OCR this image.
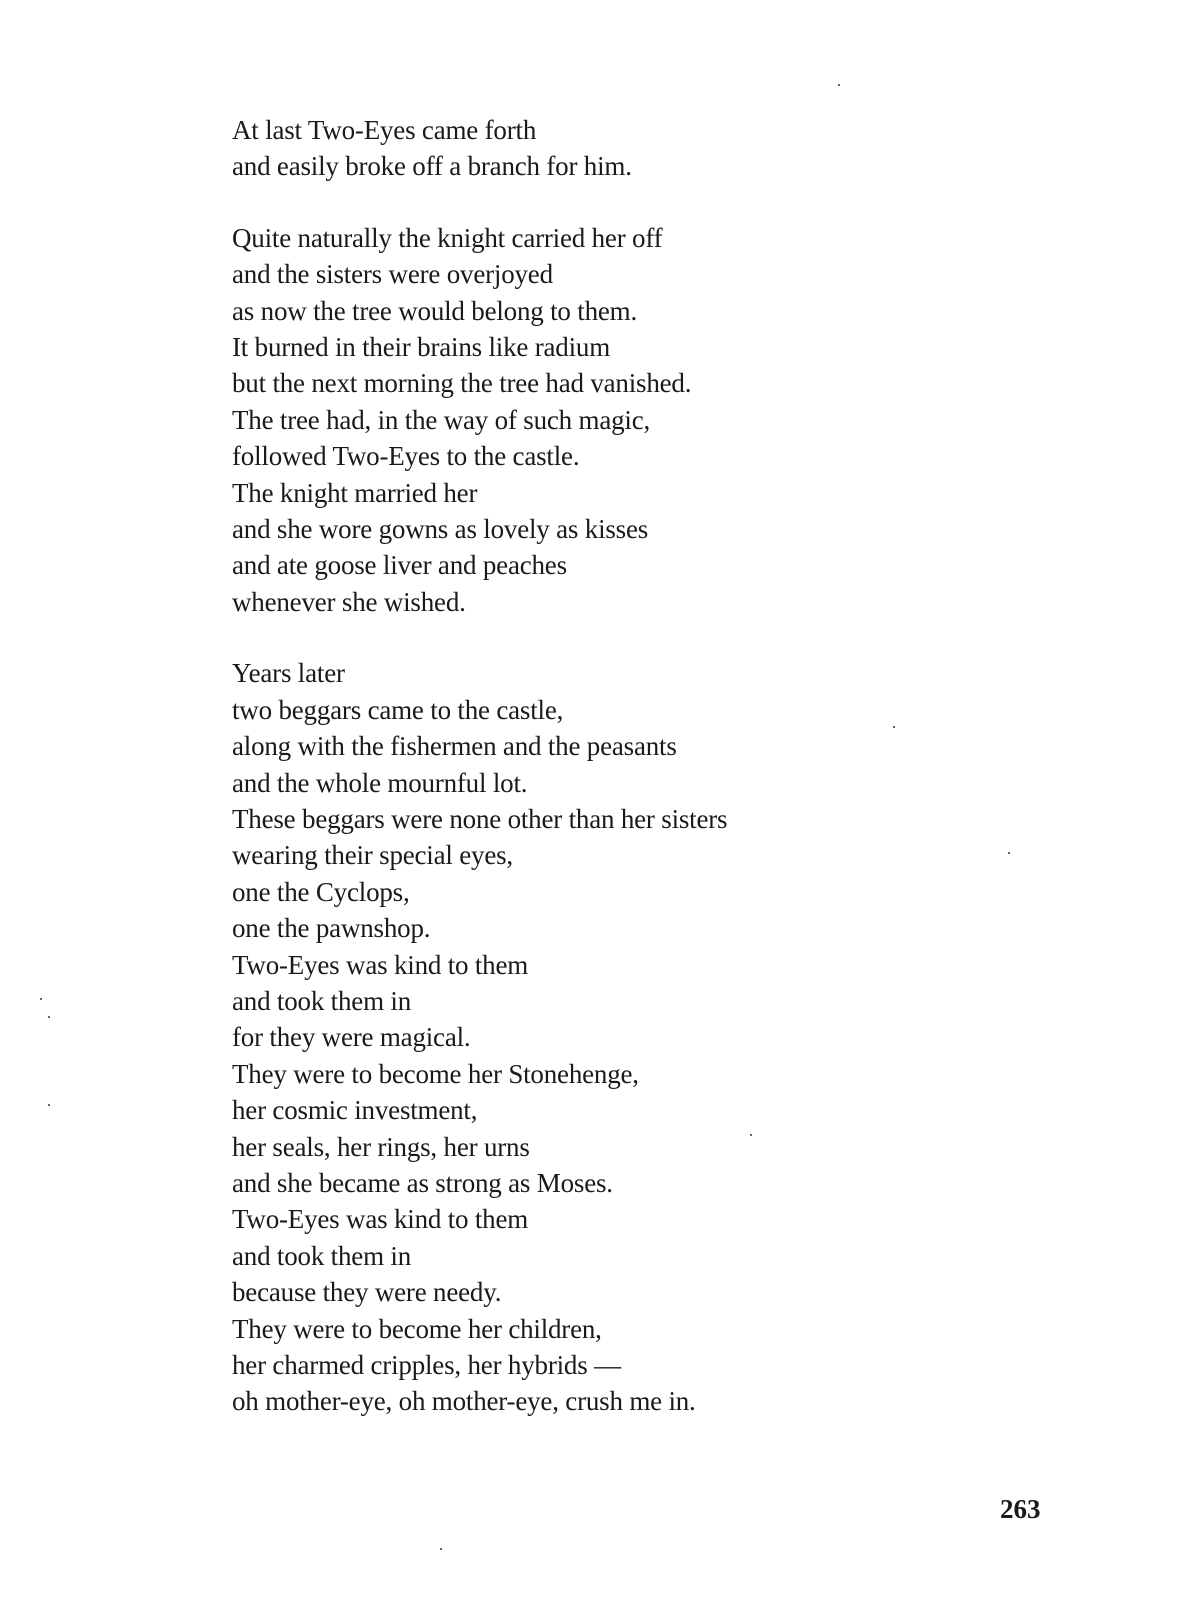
At last Two-Eyes came forth
and easily broke off a branch for him.
Quite naturally the knight carried her off
and the sisters were overjoyed
as now the tree would belong to them.
It burned in their brains like radium
but the next morning the tree had vanished.
The tree had, in the way of such magic,
followed Two-Eyes to the castle.
The knight married her
and she wore gowns as lovely as kisses
and ate goose liver and peaches
whenever she wished.
Years later
two beggars came to the castle,
along with the fishermen and the peasants
and the whole mournful lot.
These beggars were none other than her sisters
wearing their special eyes,
one the Cyclops,
one the pawnshop.
Two-Eyes was kind to them
and took them in
for they were magical.
They were to become her Stonehenge,
her cosmic investment,
her seals, her rings, her urns
and she became as strong as Moses.
Two-Eyes was kind to them
and took them in
because they were needy.
They were to become her children,
her charmed cripples, her hybrids —
oh mother-eye, oh mother-eye, crush me in.
263
